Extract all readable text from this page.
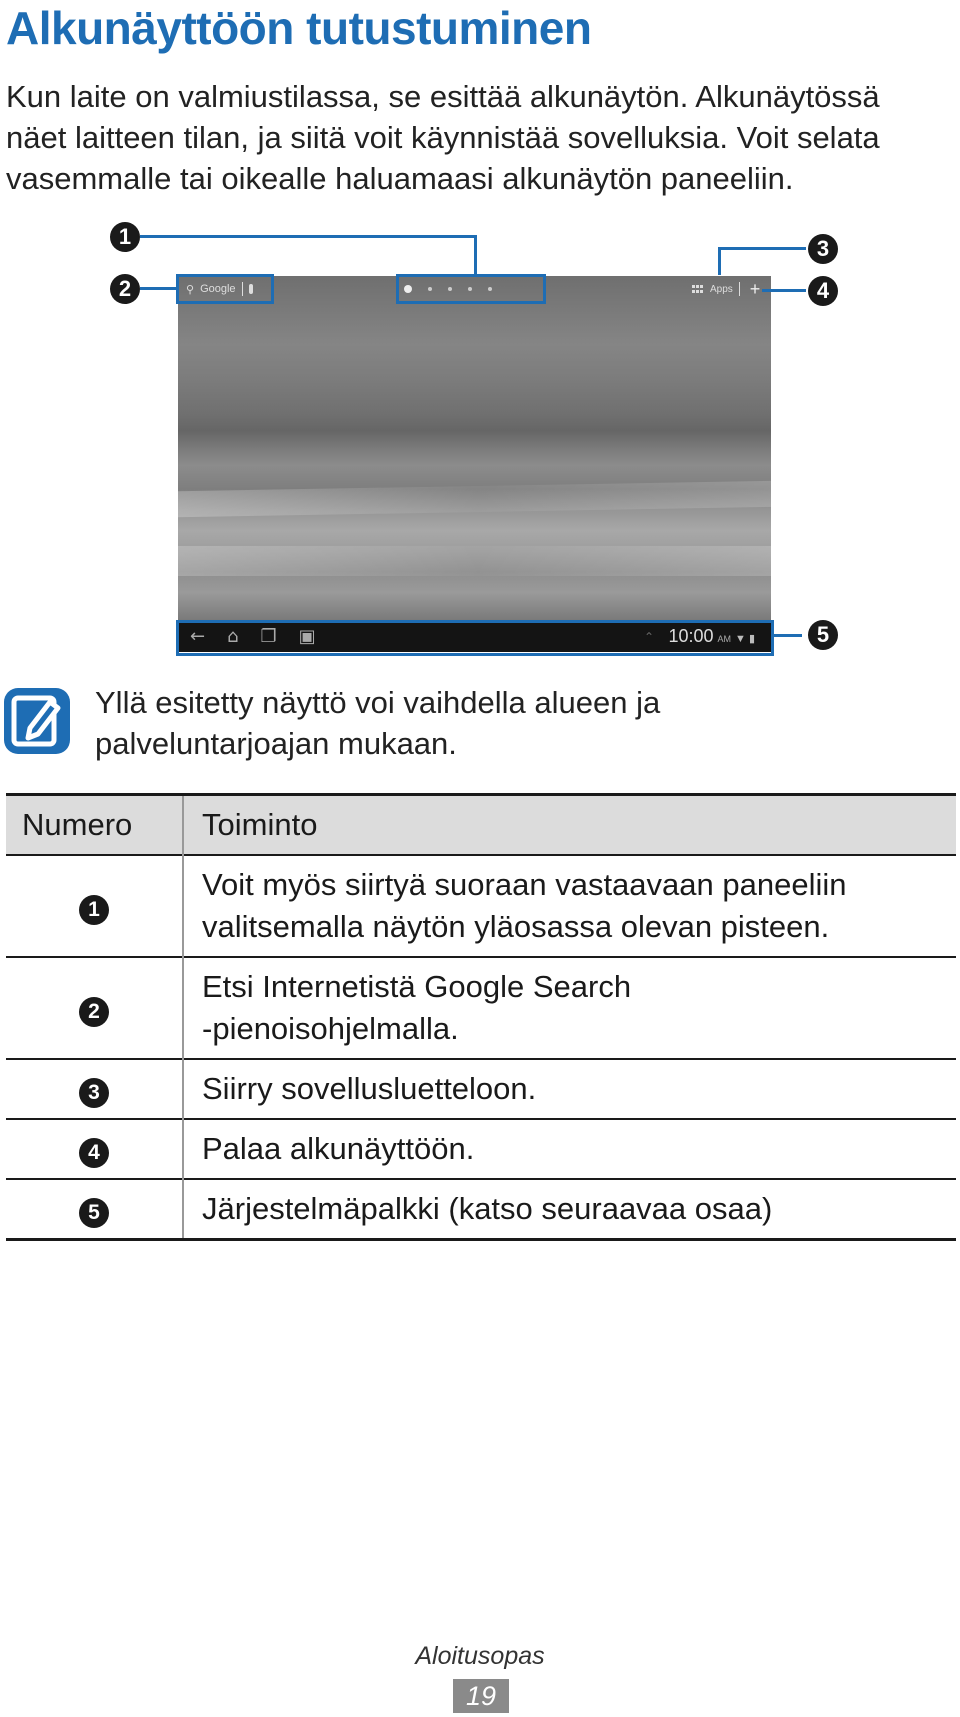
Alkunäyttöön tutustuminen
Kun laite on valmiustilassa, se esittää alkunäytön. Alkunäytössä
näet laitteen tilan, ja siitä voit käynnistää sovelluksia. Voit selata
vasemmalle tai oikealle haluamaasi alkunäytön paneeliin.
⚲ Google	Apps +
← ⌂ ❐ ▣	⌃ 10:00 AM ▼ ▮
1
2
3
4
5
Yllä esitetty näyttö voi vaihdella alueen ja
palveluntarjoajan mukaan.
Numero	Toiminto
1	Voit myös siirtyä suoraan vastaavaan paneeliin
valitsemalla näytön yläosassa olevan pisteen.

2	Etsi Internetistä Google Search
-pienoisohjelmalla.

3	Siirry sovellusluetteloon.

4	Palaa alkunäyttöön.

5	Järjestelmäpalkki (katso seuraavaa osaa)
Aloitusopas
19
